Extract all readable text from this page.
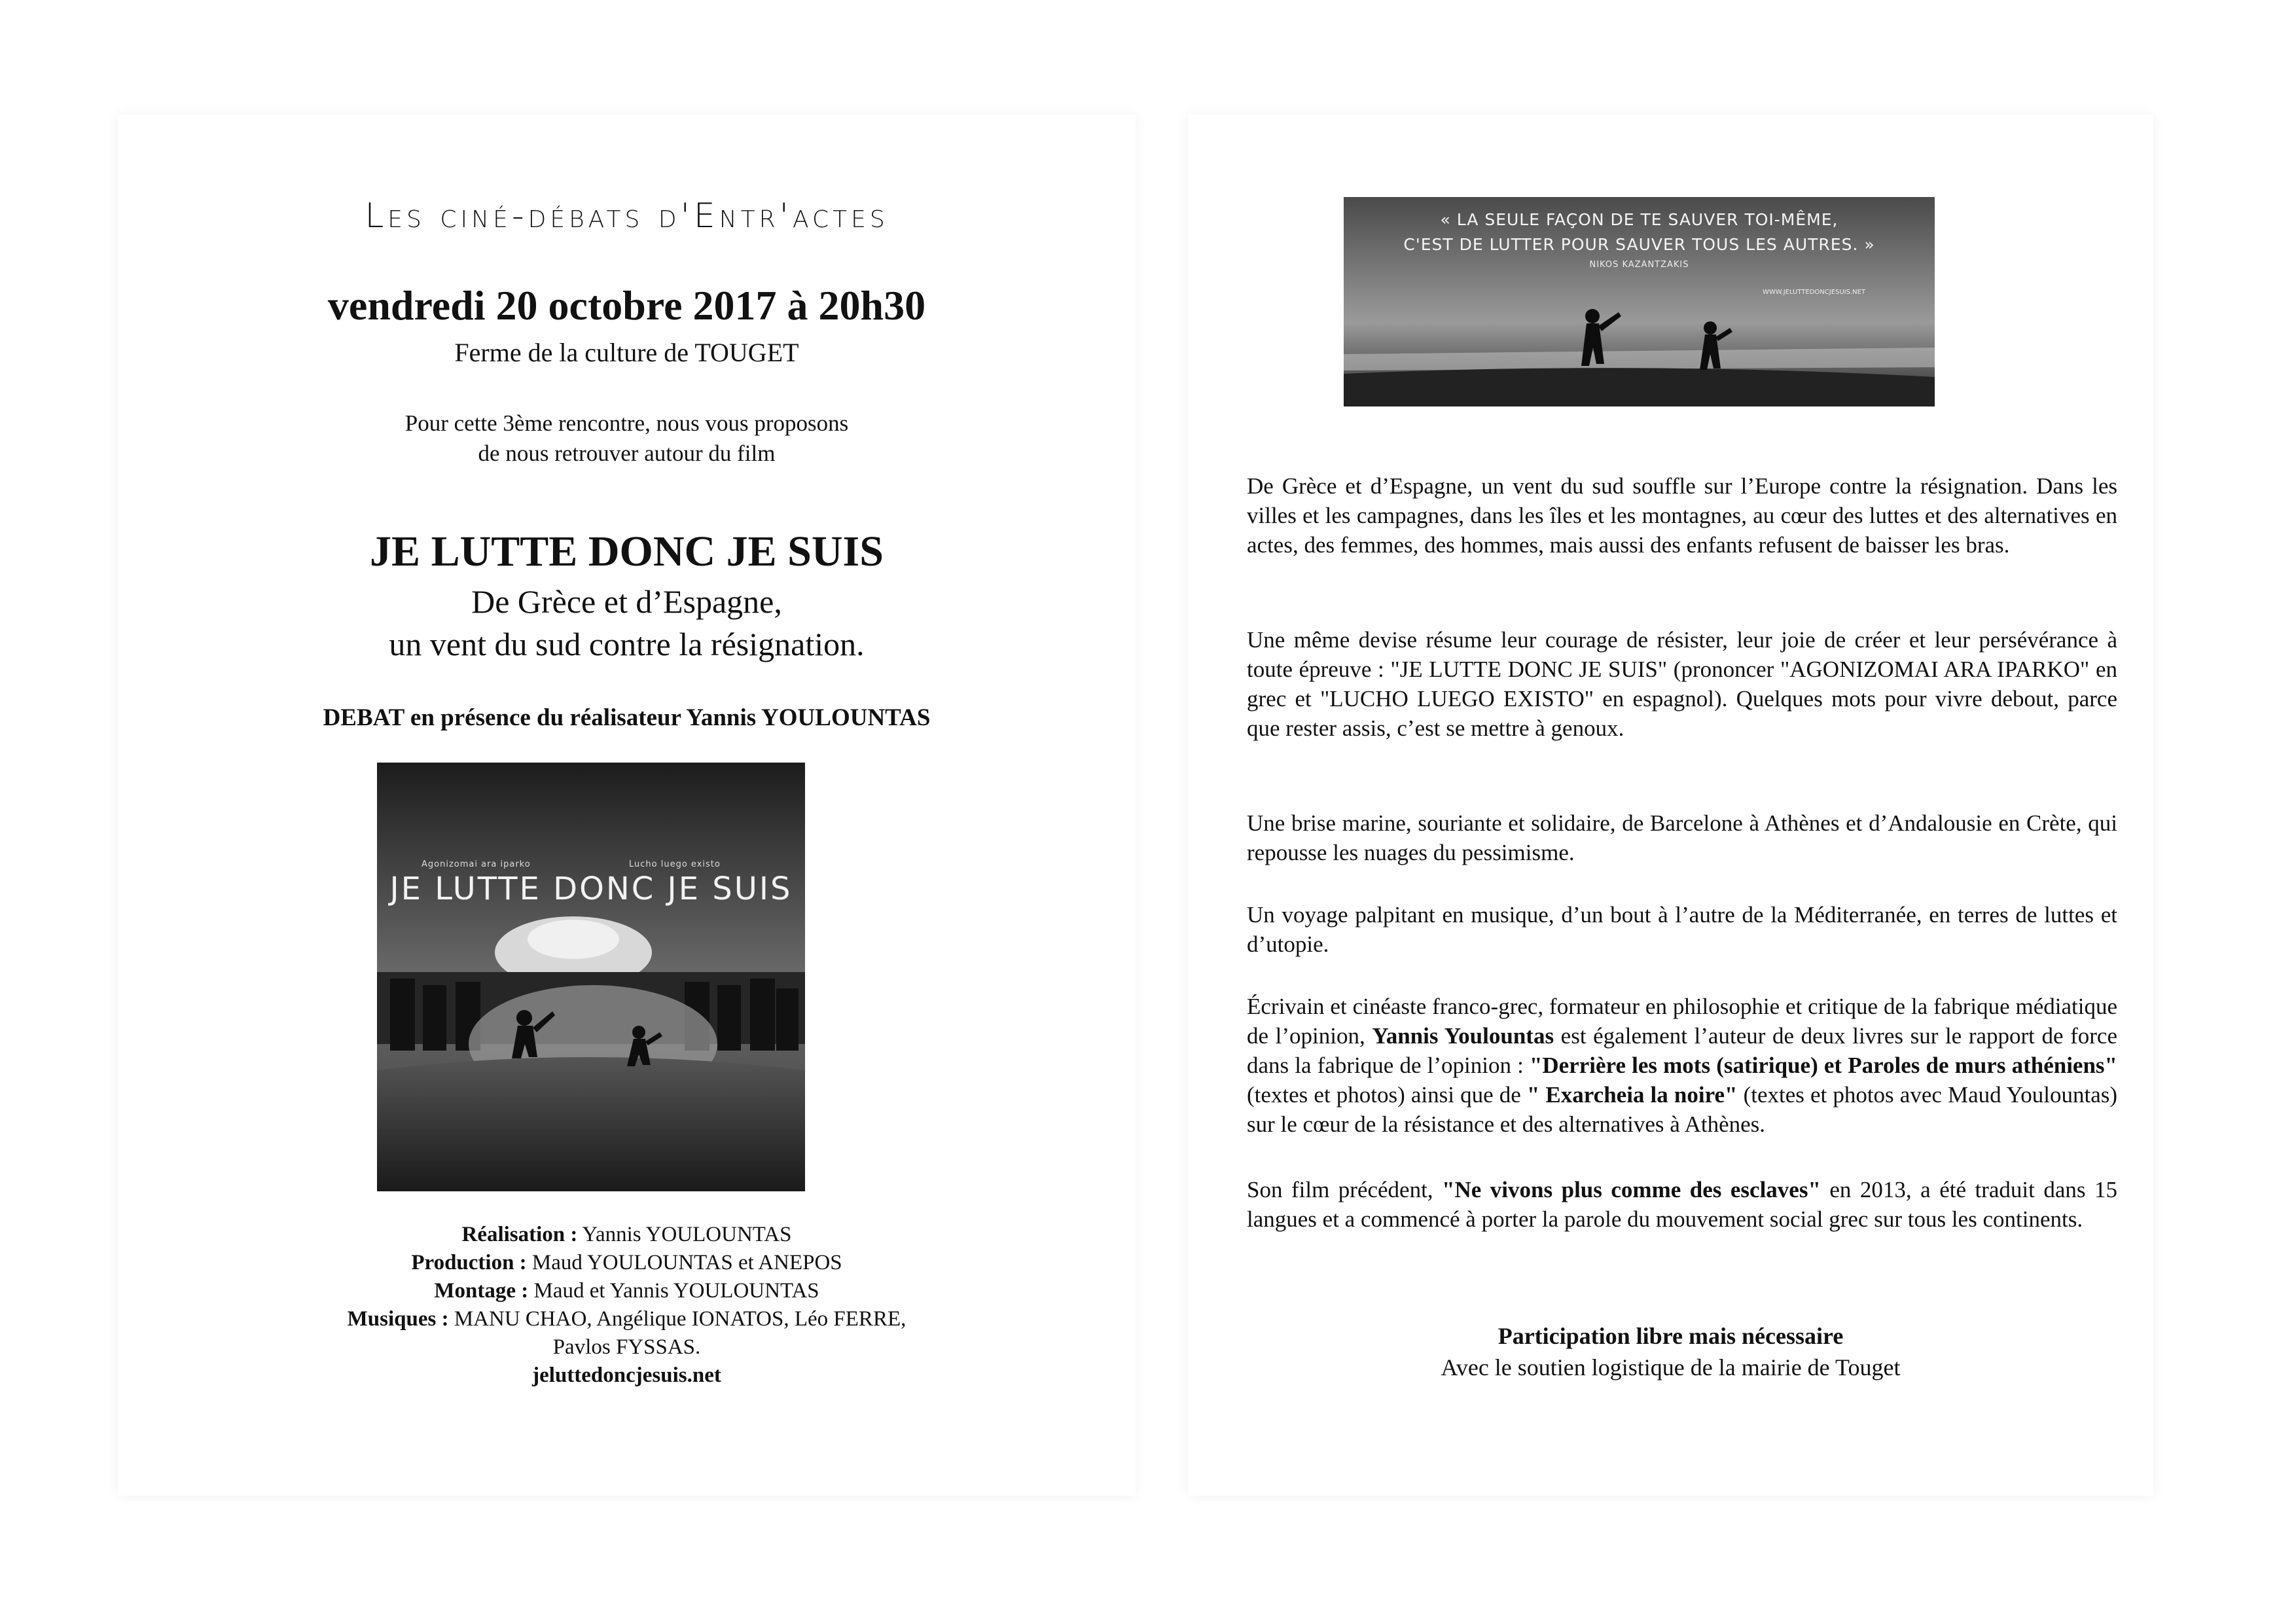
Les ciné-débats d'Entr'actes
vendredi 20 octobre 2017 à 20h30
Ferme de la culture de TOUGET
Pour cette 3ème rencontre, nous vous proposons
de nous retrouver autour du film
JE LUTTE DONC JE SUIS
De Grèce et d’Espagne,
un vent du sud contre la résignation.
DEBAT en présence du réalisateur Yannis YOULOUNTAS
Agonizomai ara iparko	Lucho luego existo
JE LUTTE DONC JE SUIS
Réalisation : Yannis YOULOUNTAS
Production : Maud YOULOUNTAS et ANEPOS
Montage : Maud et Yannis YOULOUNTAS
Musiques : MANU CHAO, Angélique IONATOS, Léo FERRE,
Pavlos FYSSAS.
jeluttedoncjesuis.net
« LA SEULE FAÇON DE TE SAUVER TOI-MÊME,
C'EST DE LUTTER POUR SAUVER TOUS LES AUTRES. »
NIKOS KAZANTZAKIS
WWW.JELUTTEDONCJESUIS.NET
De Grèce et d’Espagne, un vent du sud souffle sur l’Europe contre la résignation. Dans les villes et les campagnes, dans les îles et les montagnes, au cœur des luttes et des alternatives en actes, des femmes, des hommes, mais aussi des enfants refusent de baisser les bras.
Une même devise résume leur courage de résister, leur joie de créer et leur persévérance à toute épreuve : "JE LUTTE DONC JE SUIS" (prononcer "AGONIZOMAI ARA IPARKO" en grec et "LUCHO LUEGO EXISTO" en espagnol). Quelques mots pour vivre debout, parce que rester assis, c’est se mettre à genoux.
Une brise marine, souriante et solidaire, de Barcelone à Athènes et d’Andalousie en Crète, qui repousse les nuages du pessimisme.
Un voyage palpitant en musique, d’un bout à l’autre de la Méditerranée, en terres de luttes et d’utopie.
Écrivain et cinéaste franco-grec, formateur en philosophie et critique de la fabrique médiatique de l’opinion, Yannis Youlountas est également l’auteur de deux livres sur le rapport de force dans la fabrique de l’opinion : "Derrière les mots (satirique) et Paroles de murs athéniens" (textes et photos) ainsi que de " Exarcheia la noire" (textes et photos avec Maud Youlountas) sur le cœur de la résistance et des alternatives à Athènes.
Son film précédent, "Ne vivons plus comme des esclaves" en 2013, a été traduit dans 15 langues et a commencé à porter la parole du mouvement social grec sur tous les continents.
Participation libre mais nécessaire
Avec le soutien logistique de la mairie de Touget
